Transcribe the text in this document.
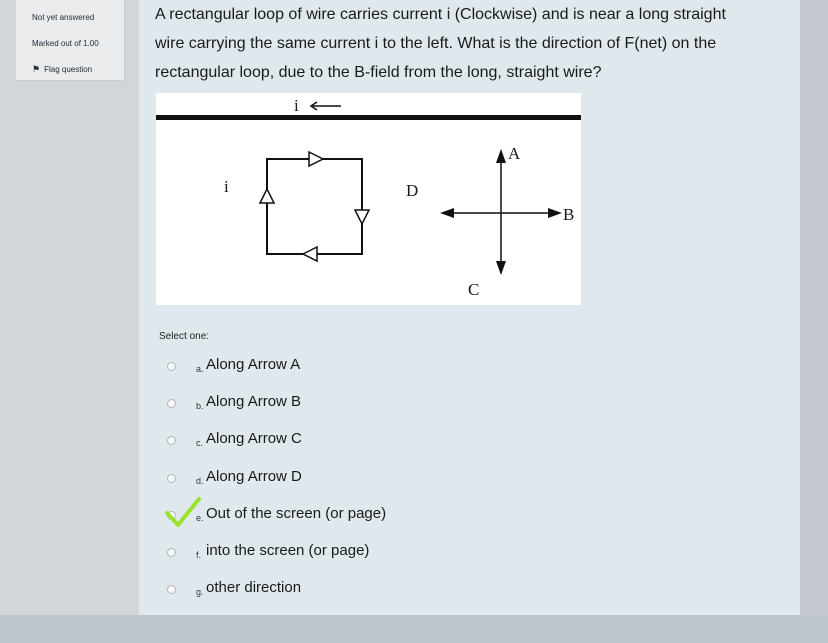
Not yet answered
Marked out of 1.00
⚑ Flag question

A rectangular loop of wire carries current i (Clockwise) and is near a long straight

wire carrying the same current i to the left. What is the direction of F(net) on the

rectangular loop, due to the B-field from the long, straight wire?

i
i
A
B
C
D
Select one:
a. Along Arrow A
b. Along Arrow B
c. Along Arrow C
d. Along Arrow D
e. Out of the screen (or page)
f. into the screen (or page)
g. other direction
